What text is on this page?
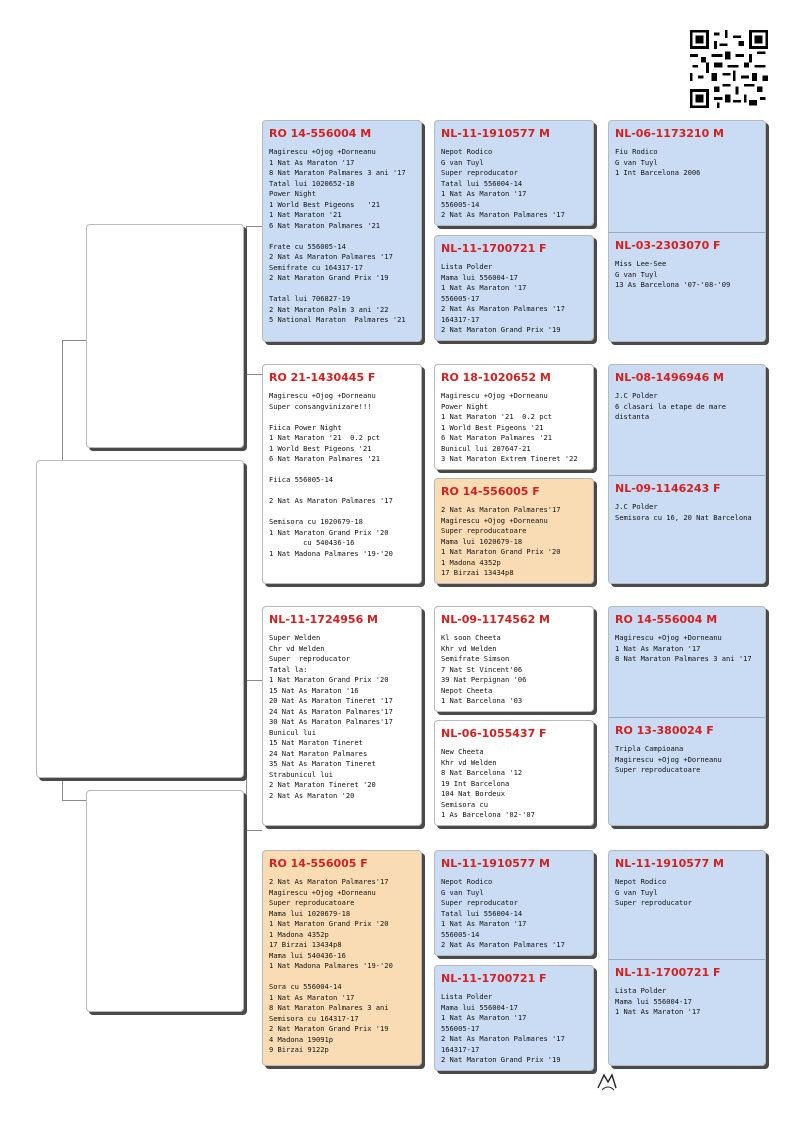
RO 14-556004 M
Magirescu +Ojog +Dorneanu
1 Nat As Maraton '17
8 Nat Maraton Palmares 3 ani '17
Tatal lui 1020652-18
Power Night
1 World Best Pigeons   '21
1 Nat Maraton '21
6 Nat Maraton Palmares '21

Frate cu 556005-14
2 Nat As Maraton Palmares '17
Semifrate cu 164317-17
2 Nat Maraton Grand Prix '19

Tatal lui 706827-19
2 Nat Maraton Palm 3 ani '22
5 National Maraton  Palmares '21
RO 21-1430445 F
Magirescu +Ojog +Dorneanu
Super consangvinizare!!!

Fiica Power Night
1 Nat Maraton '21  0.2 pct
1 World Best Pigeons '21
6 Nat Maraton Palmares '21

Fiica 556005-14

2 Nat As Maraton Palmares '17

Semisora cu 1020679-18
1 Nat Maraton Grand Prix '20
cu 540436-16
1 Nat Madona Palmares '19-'20
NL-11-1724956 M
Super Welden
Chr vd Welden
Super  reproducator
Tatal la:
1 Nat Maraton Grand Prix '20
15 Nat As Maraton '16
20 Nat As Maraton Tineret '17
24 Nat As Maraton Palmares'17
30 Nat As Maraton Palmares'17
Bunicul lui
15 Nat Maraton Tineret
24 Nat Maraton Palmares
35 Nat As Maraton Tineret
Strabunicul lui
2 Nat Maraton Tineret '20
2 Nat As Maraton '20
RO 14-556005 F
2 Nat As Maraton Palmares'17
Magirescu +Ojog +Dorneanu
Super reproducatoare
Mama lui 1020679-18
1 Nat Maraton Grand Prix '20
1 Madona 4352p
17 Birzai 13434p8
Mama lui 540436-16
1 Nat Madona Palmares '19-'20

Sora cu 556004-14
1 Nat As Maraton '17
8 Nat Maraton Palmares 3 ani
Semisora cu 164317-17
2 Nat Maraton Grand Prix '19
4 Madona 19091p
9 Birzai 9122p
NL-11-1910577 M
Nepot Rodico
G van Tuyl
Super reproducator
Tatal lui 556004-14
1 Nat As Maraton '17
556005-14
2 Nat As Maraton Palmares '17
NL-11-1700721 F
Lista Polder
Mama lui 556004-17
1 Nat As Maraton '17
556005-17
2 Nat As Maraton Palmares '17
164317-17
2 Nat Maraton Grand Prix '19
RO 18-1020652 M
Magirescu +Ojog +Dorneanu
Power Night
1 Nat Maraton '21  0.2 pct
1 World Best Pigeons '21
6 Nat Maraton Palmares '21
Bunicul lui 207647-21
3 Nat Maraton Extrem Tineret '22
RO 14-556005 F
2 Nat As Maraton Palmares'17
Magirescu +Ojog +Dorneanu
Super reproducatoare
Mama lui 1020679-18
1 Nat Maraton Grand Prix '20
1 Madona 4352p
17 Birzai 13434p8
NL-09-1174562 M
Kl soon Cheeta
Khr vd Welden
Semifrate Simson
7 Nat St Vincent'06
39 Nat Perpignan '06
Nepot Cheeta
1 Nat Barcelona '03
NL-06-1055437 F
New Cheeta
Khr vd Welden
8 Nat Barcelona '12
19 Int Barcelona
104 Nat Bordeux
Semisora cu
1 As Barcelona '02-'07
NL-11-1910577 M
Nepot Rodico
G van Tuyl
Super reproducator
Tatal lui 556004-14
1 Nat As Maraton '17
556005-14
2 Nat As Maraton Palmares '17
NL-11-1700721 F
Lista Polder
Mama lui 556004-17
1 Nat As Maraton '17
556005-17
2 Nat As Maraton Palmares '17
164317-17
2 Nat Maraton Grand Prix '19
NL-06-1173210 M
Fiu Rodico
G van Tuyl
1 Int Barcelona 2006
NL-03-2303070 F
Miss Lee-See
G van Tuyl
13 As Barcelona '07-'08-'09
NL-08-1496946 M
J.C Polder
6 clasari la etape de mare
distanta
NL-09-1146243 F
J.C Polder
Semisora cu 16, 20 Nat Barcelona
RO 14-556004 M
Magirescu +Ojog +Dorneanu
1 Nat As Maraton '17
8 Nat Maraton Palmares 3 ani '17
RO 13-380024 F
Tripla Campioana
Magirescu +Ojog +Dorneanu
Super reproducatoare
NL-11-1910577 M
Nepot Rodico
G van Tuyl
Super reproducator
NL-11-1700721 F
Lista Polder
Mama lui 556004-17
1 Nat As Maraton '17
